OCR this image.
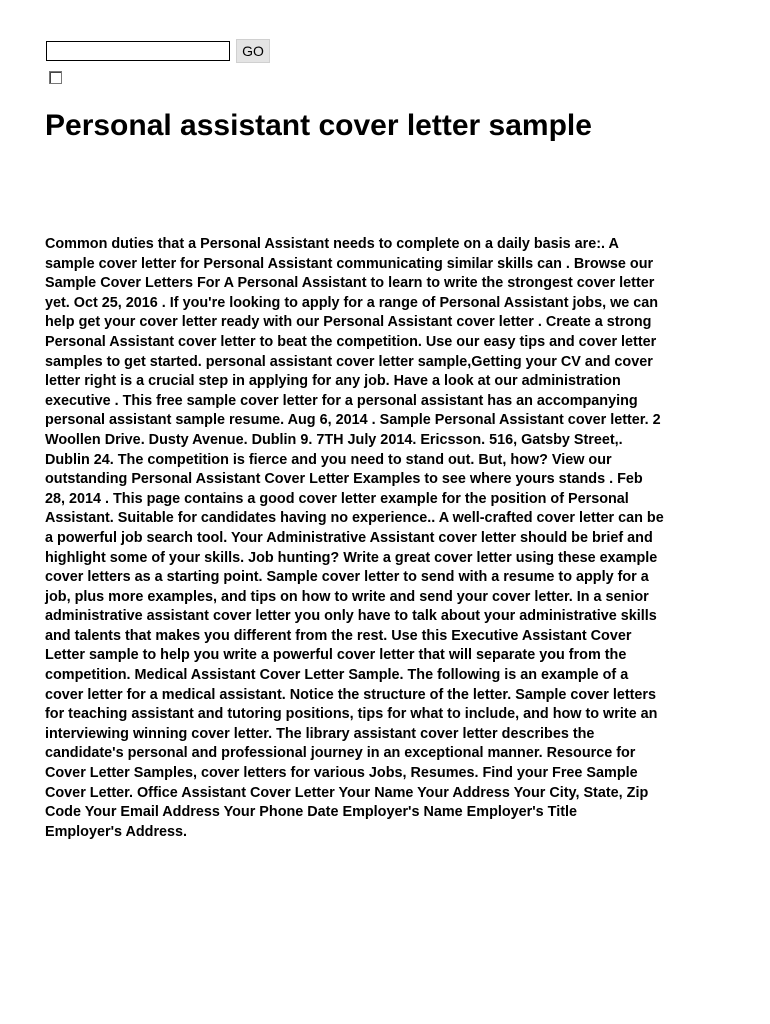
GO
Personal assistant cover letter sample

Common duties that a Personal Assistant needs to complete on a daily basis are:. A
sample cover letter for Personal Assistant communicating similar skills can . Browse our
Sample Cover Letters For A Personal Assistant to learn to write the strongest cover letter
yet. Oct 25, 2016 . If you're looking to apply for a range of Personal Assistant jobs, we can
help get your cover letter ready with our Personal Assistant cover letter . Create a strong
Personal Assistant cover letter to beat the competition. Use our easy tips and cover letter
samples to get started. personal assistant cover letter sample,Getting your CV and cover
letter right is a crucial step in applying for any job. Have a look at our administration
executive . This free sample cover letter for a personal assistant has an accompanying
personal assistant sample resume. Aug 6, 2014 . Sample Personal Assistant cover letter. 2
Woollen Drive. Dusty Avenue. Dublin 9. 7TH July 2014. Ericsson. 516, Gatsby Street,.
Dublin 24. The competition is fierce and you need to stand out. But, how? View our
outstanding Personal Assistant Cover Letter Examples to see where yours stands . Feb
28, 2014 . This page contains a good cover letter example for the position of Personal
Assistant. Suitable for candidates having no experience.. A well-crafted cover letter can be
a powerful job search tool. Your Administrative Assistant cover letter should be brief and
highlight some of your skills. Job hunting? Write a great cover letter using these example
cover letters as a starting point. Sample cover letter to send with a resume to apply for a
job, plus more examples, and tips on how to write and send your cover letter. In a senior
administrative assistant cover letter you only have to talk about your administrative skills
and talents that makes you different from the rest. Use this Executive Assistant Cover
Letter sample to help you write a powerful cover letter that will separate you from the
competition. Medical Assistant Cover Letter Sample. The following is an example of a
cover letter for a medical assistant. Notice the structure of the letter. Sample cover letters
for teaching assistant and tutoring positions, tips for what to include, and how to write an
interviewing winning cover letter. The library assistant cover letter describes the
candidate's personal and professional journey in an exceptional manner. Resource for
Cover Letter Samples, cover letters for various Jobs, Resumes. Find your Free Sample
Cover Letter. Office Assistant Cover Letter Your Name Your Address Your City, State, Zip
Code Your Email Address Your Phone Date Employer's Name Employer's Title
Employer's Address.
